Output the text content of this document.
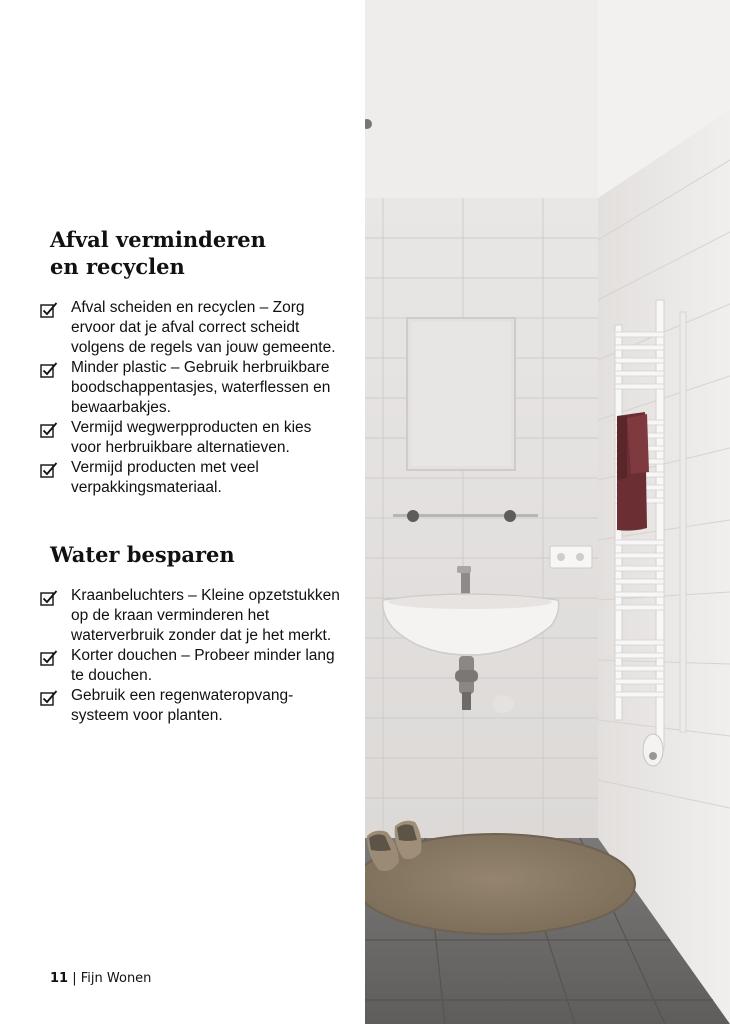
Afval verminderen
en recyclen
Afval scheiden en recyclen – Zorg ervoor dat je afval correct scheidt volgens de regels van jouw gemeente.
Minder plastic – Gebruik herbruikbare boodschappentasjes, waterflessen en bewaarbakjes.
Vermijd wegwerpproducten en kies voor herbruikbare alternatieven.
Vermijd producten met veel verpakkingsmateriaal.
Water besparen
Kraanbeluchters – Kleine opzetstukken op de kraan verminderen het waterverbruik zonder dat je het merkt.
Korter douchen – Probeer minder lang te douchen.
Gebruik een regenwateropvang-systeem voor planten.
11 | Fijn Wonen
